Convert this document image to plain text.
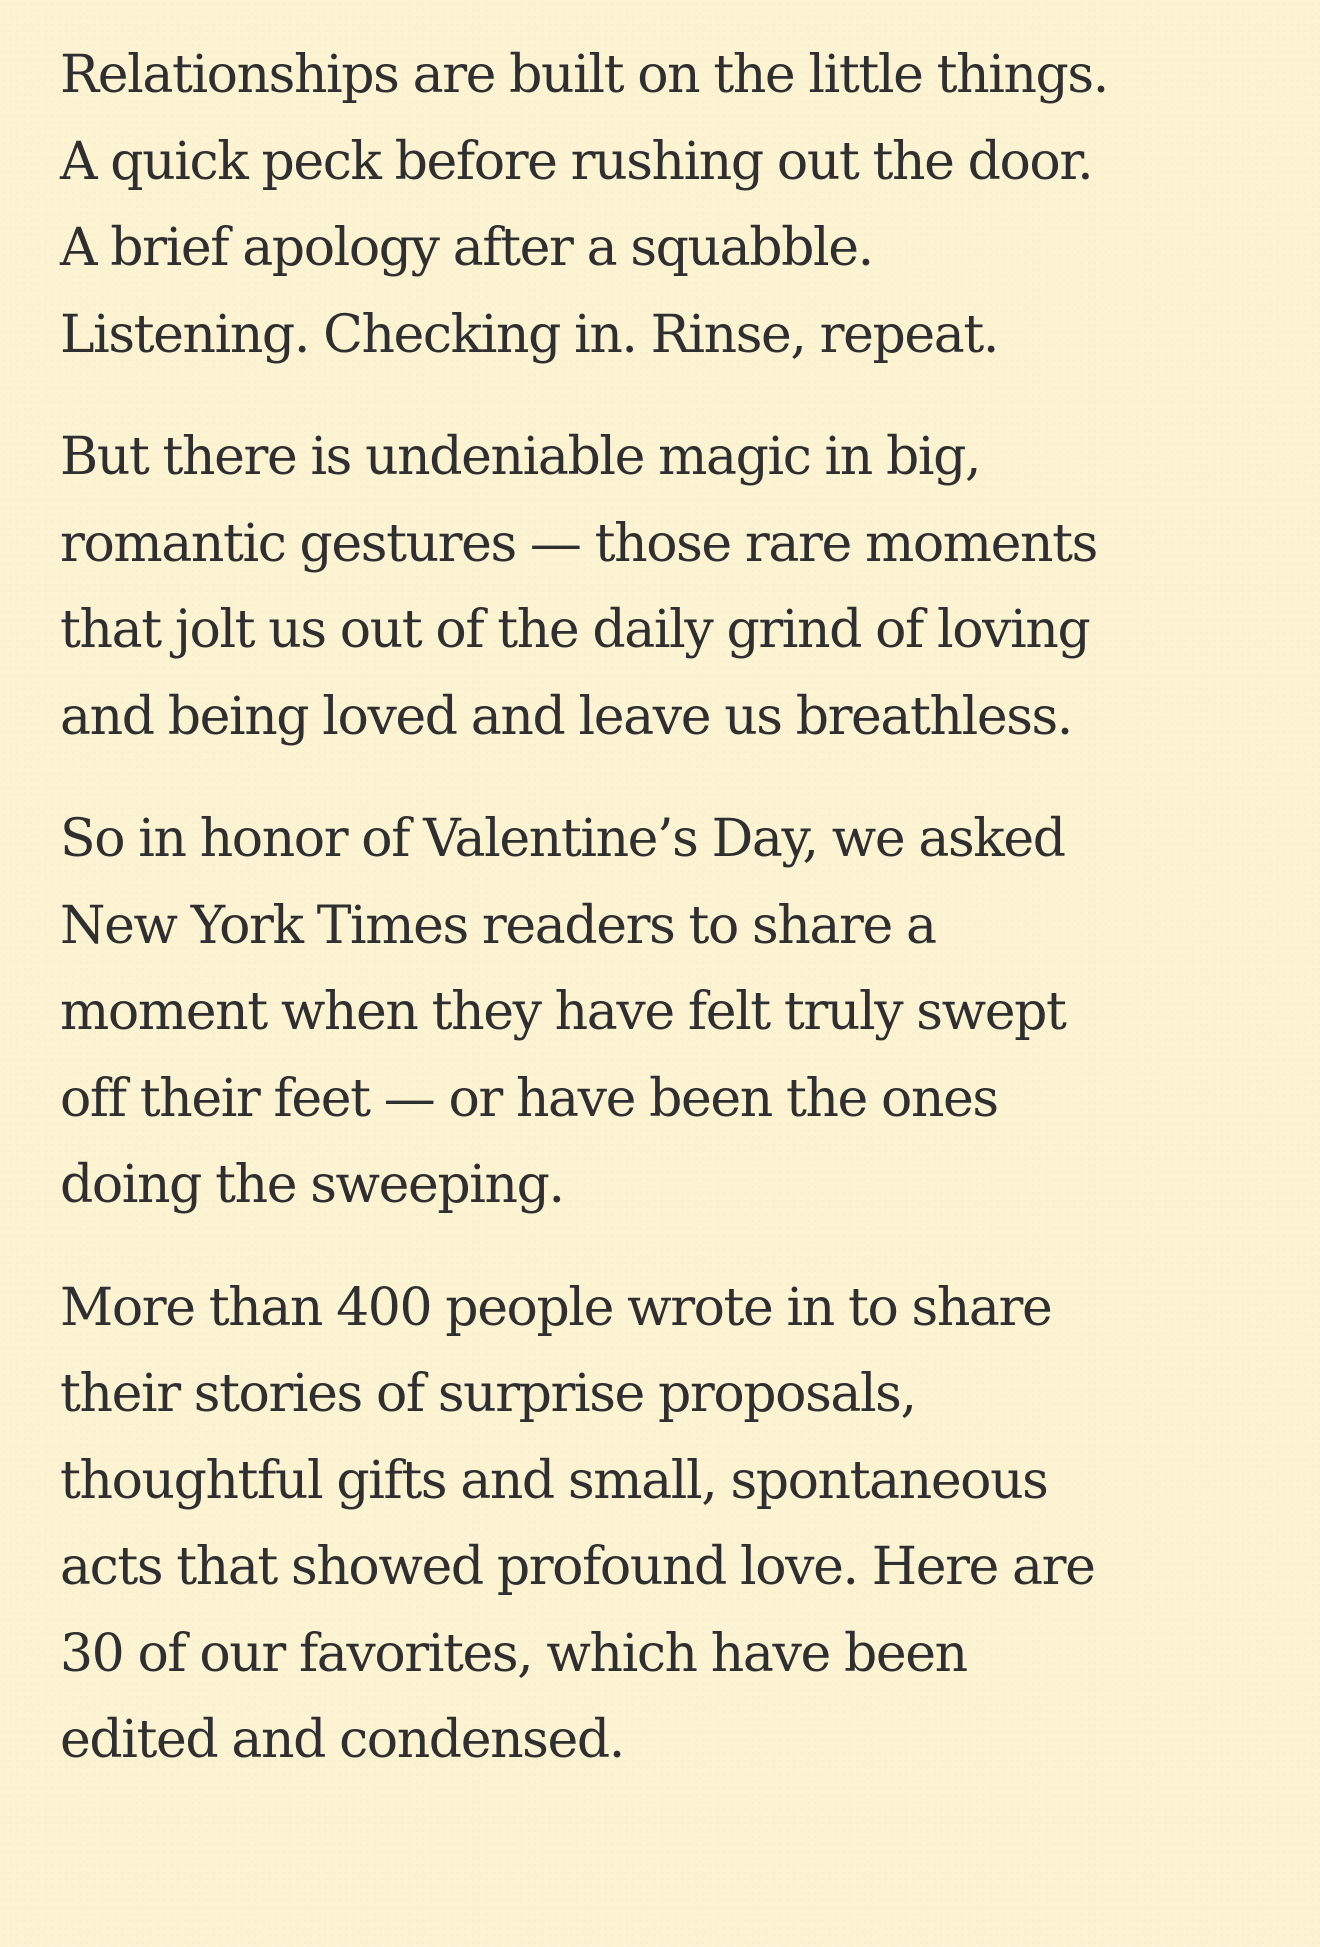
Relationships are built on the little things.
A quick peck before rushing out the door.
A brief apology after a squabble.
Listening. Checking in. Rinse, repeat.

But there is undeniable magic in big,
romantic gestures — those rare moments
that jolt us out of the daily grind of loving
and being loved and leave us breathless.

So in honor of Valentine’s Day, we asked
New York Times readers to share a
moment when they have felt truly swept
off their feet — or have been the ones
doing the sweeping.

More than 400 people wrote in to share
their stories of surprise proposals,
thoughtful gifts and small, spontaneous
acts that showed profound love. Here are
30 of our favorites, which have been
edited and condensed.
